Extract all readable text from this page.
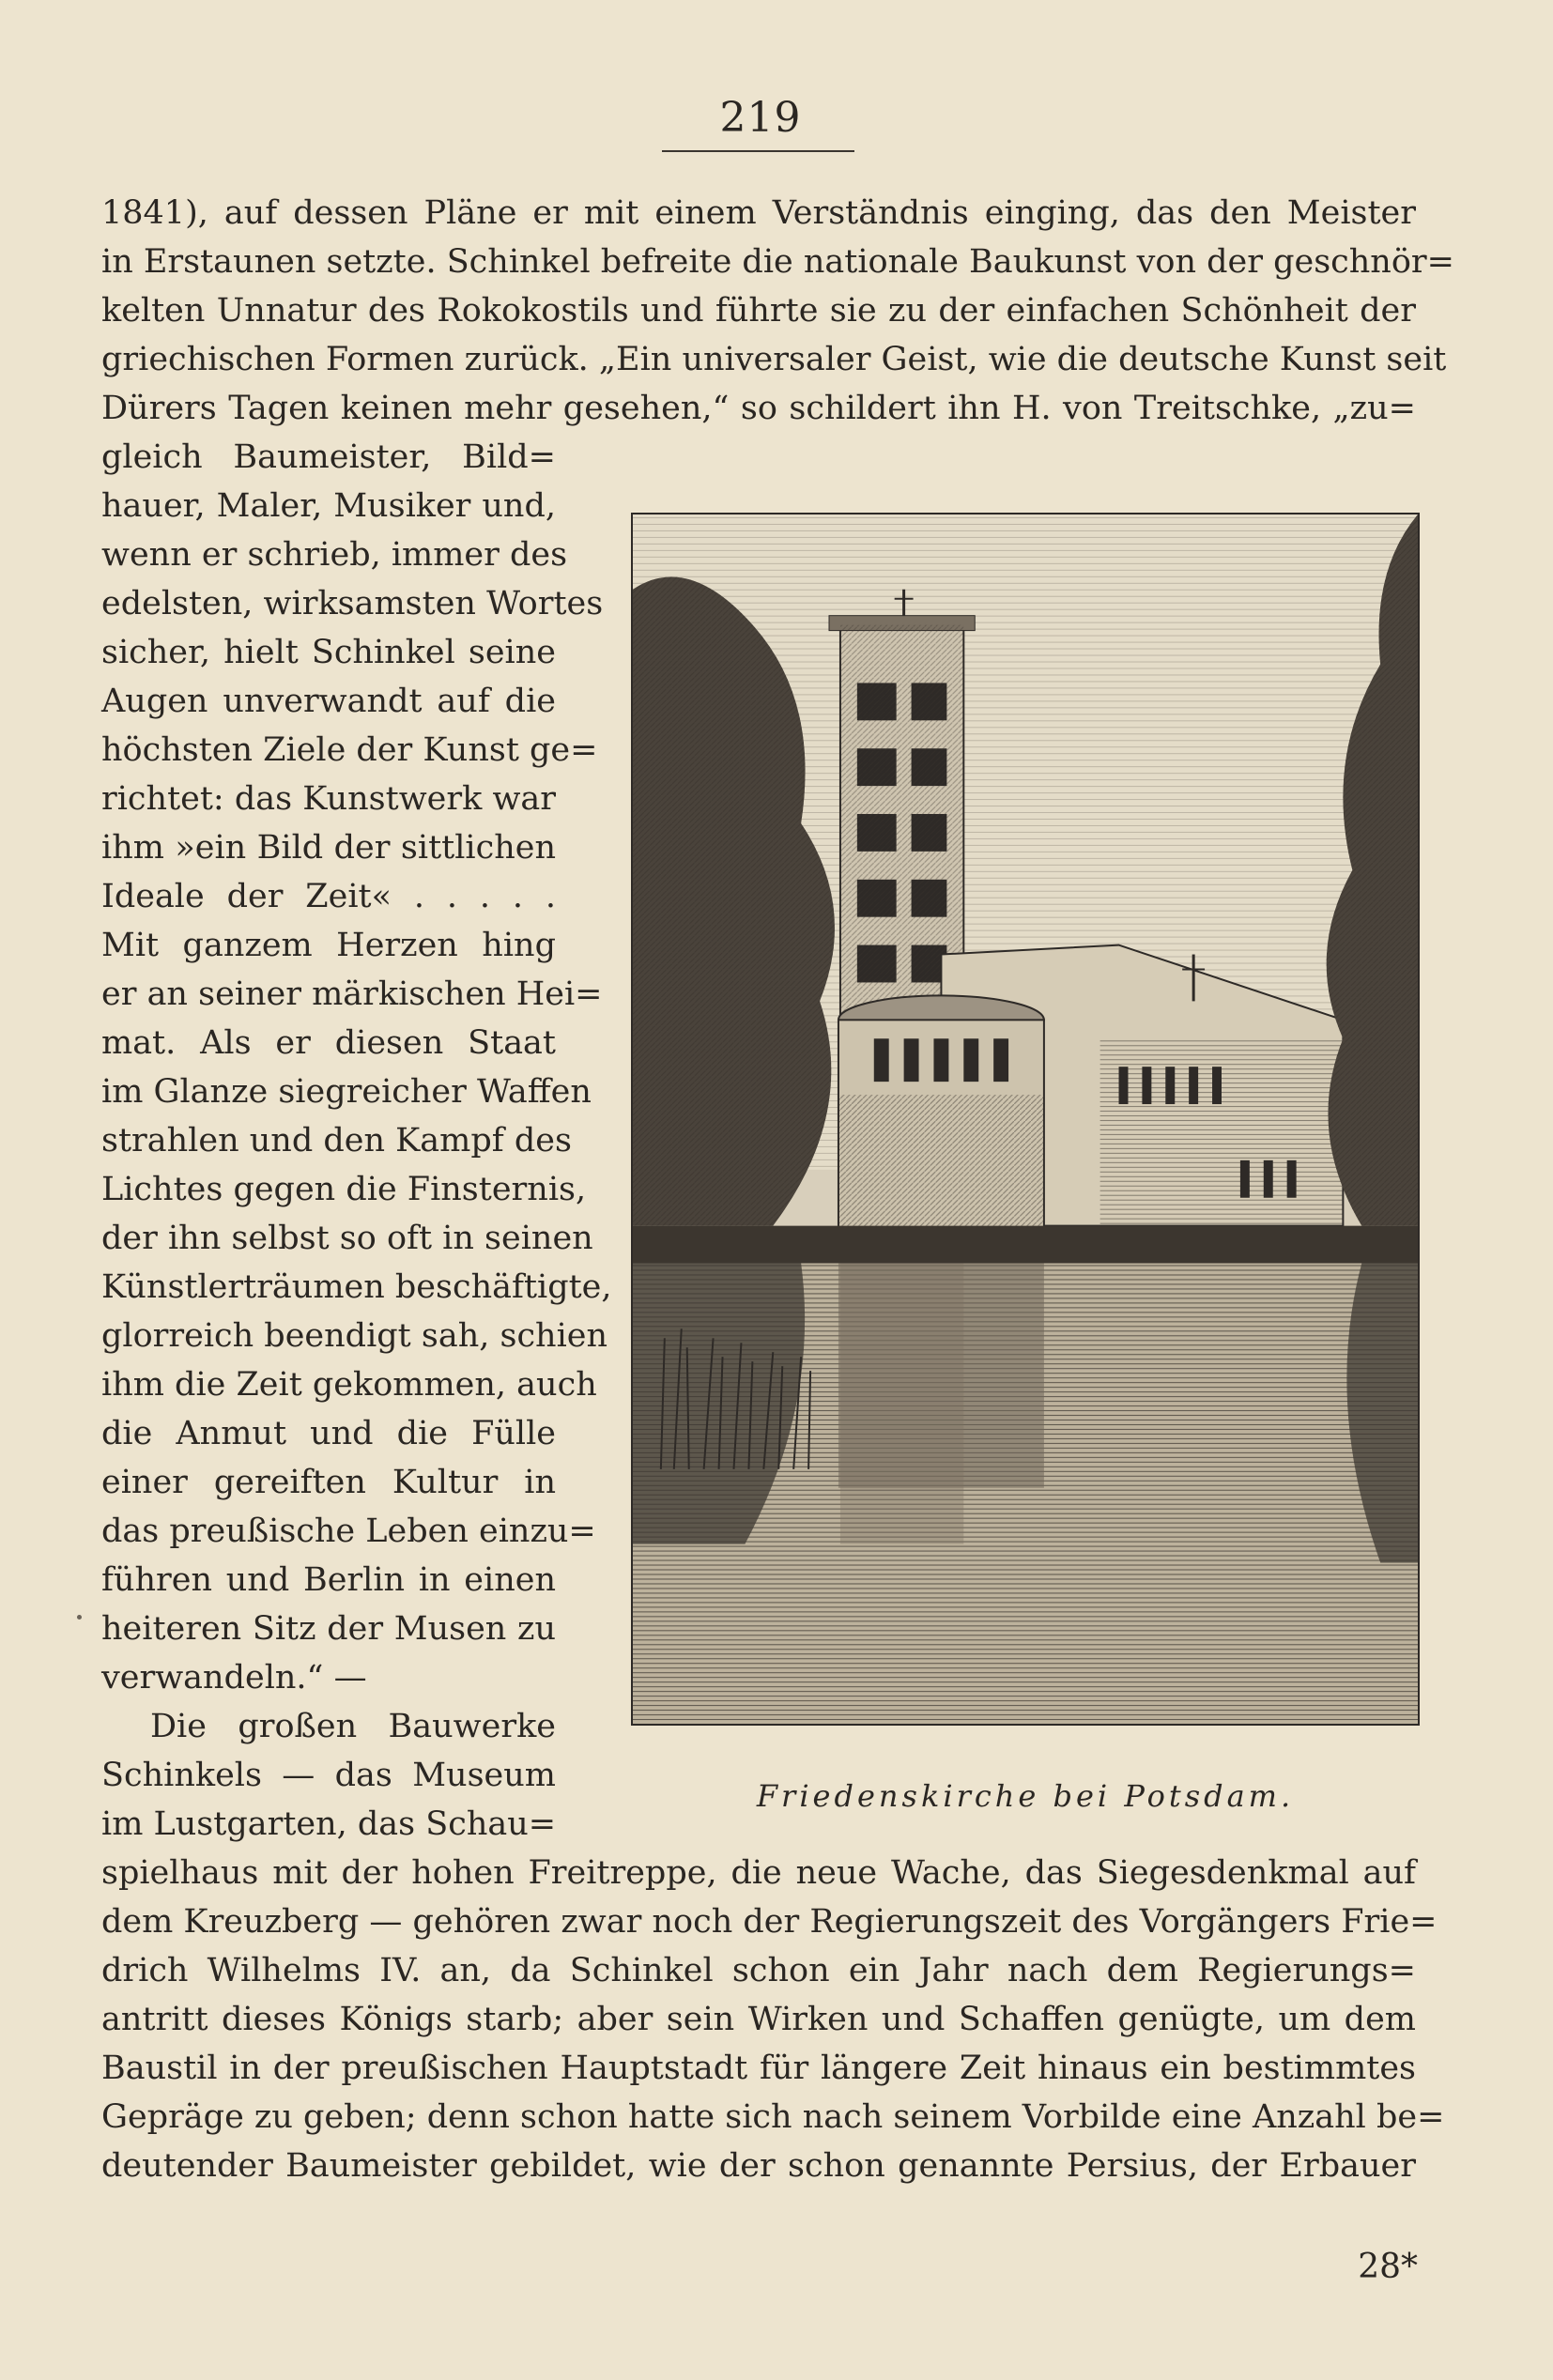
219
1841), auf dessen Pläne er mit einem Verständnis einging, das den Meister
in Erstaunen setzte. Schinkel befreite die nationale Baukunst von der geschnör=
kelten Unnatur des Rokokostils und führte sie zu der einfachen Schönheit der
griechischen Formen zurück. „Ein universaler Geist, wie die deutsche Kunst seit
Dürers Tagen keinen mehr gesehen,“ so schildert ihn H. von Treitschke, „zu=
gleich Baumeister, Bild=
hauer, Maler, Musiker und,
wenn er schrieb, immer des
edelsten, wirksamsten Wortes
sicher, hielt Schinkel seine
Augen unverwandt auf die
höchsten Ziele der Kunst ge=
richtet: das Kunstwerk war
ihm »ein Bild der sittlichen
Ideale der Zeit« . . . . .
Mit ganzem Herzen hing
er an seiner märkischen Hei=
mat. Als er diesen Staat
im Glanze siegreicher Waffen
strahlen und den Kampf des
Lichtes gegen die Finsternis,
der ihn selbst so oft in seinen
Künstlerträumen beschäftigte,
glorreich beendigt sah, schien
ihm die Zeit gekommen, auch
die Anmut und die Fülle
einer gereiften Kultur in
das preußische Leben einzu=
führen und Berlin in einen
heiteren Sitz der Musen zu
verwandeln.“ —
Die großen Bauwerke
Schinkels — das Museum
im Lustgarten, das Schau=
Friedenskirche bei Potsdam.
spielhaus mit der hohen Freitreppe, die neue Wache, das Siegesdenkmal auf
dem Kreuzberg — gehören zwar noch der Regierungszeit des Vorgängers Frie=
drich Wilhelms IV. an, da Schinkel schon ein Jahr nach dem Regierungs=
antritt dieses Königs starb; aber sein Wirken und Schaffen genügte, um dem
Baustil in der preußischen Hauptstadt für längere Zeit hinaus ein bestimmtes
Gepräge zu geben; denn schon hatte sich nach seinem Vorbilde eine Anzahl be=
deutender Baumeister gebildet, wie der schon genannte Persius, der Erbauer
28*
